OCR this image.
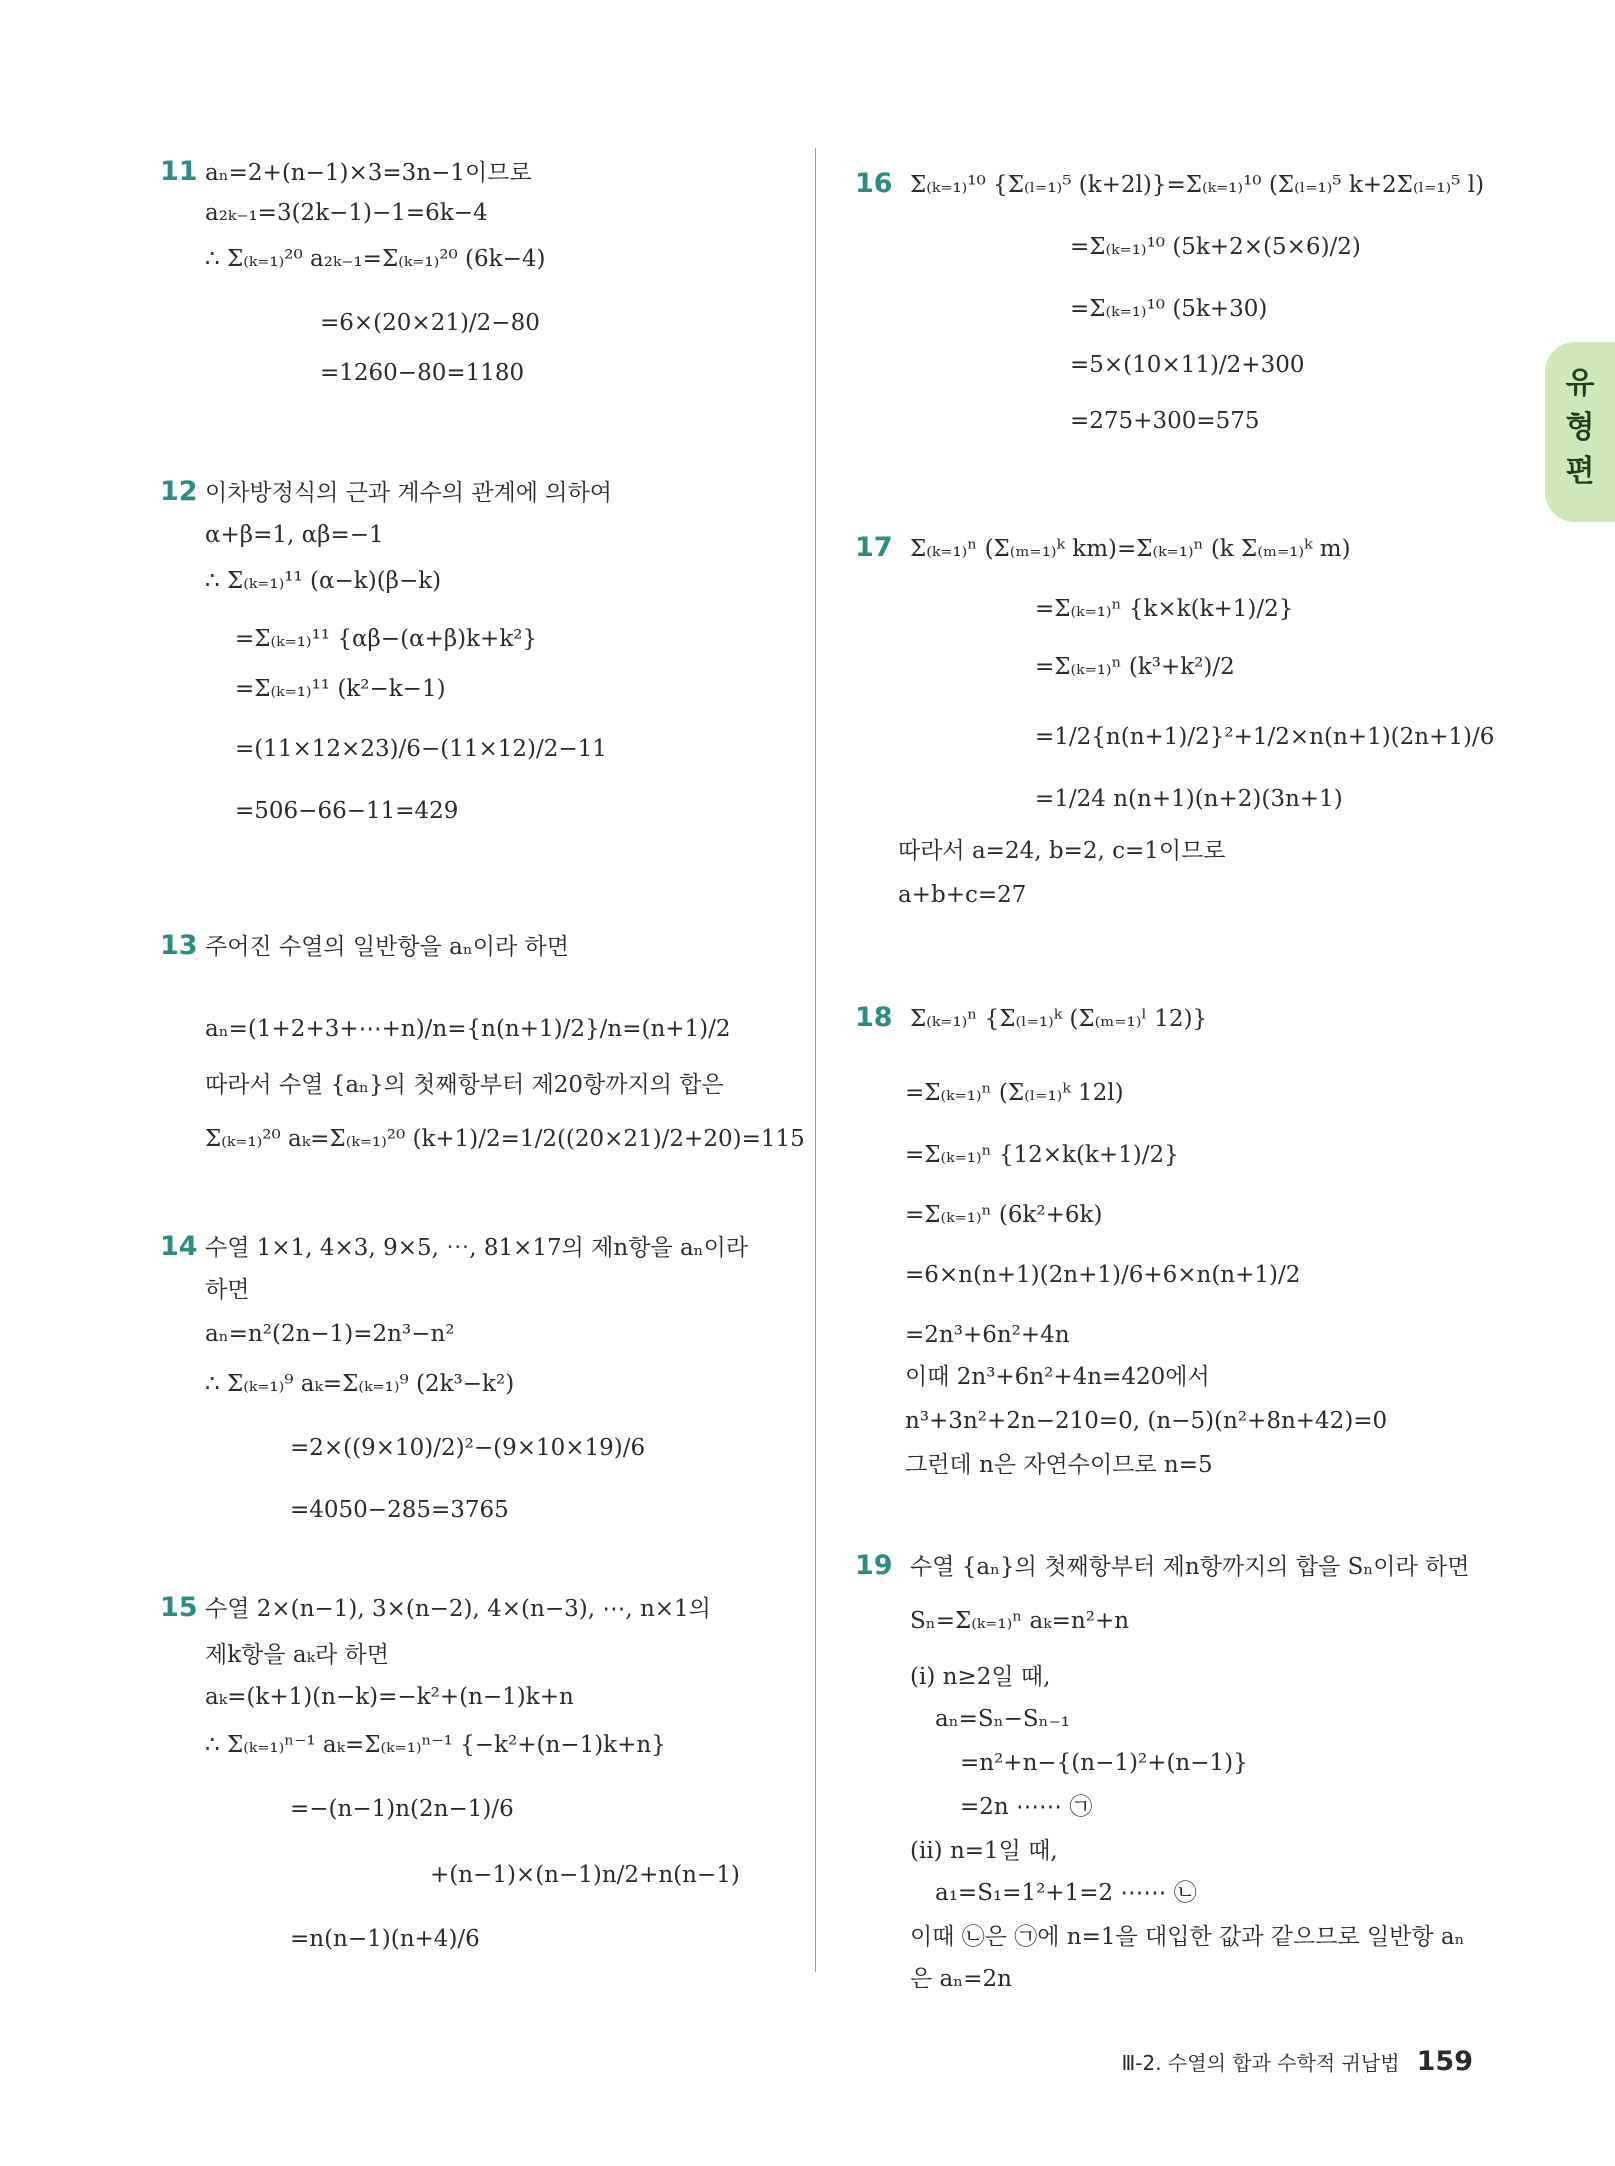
유형편
11 aₙ=2+(n−1)×3=3n−1이므로
a₂ₖ₋₁=3(2k−1)−1=6k−4
∴ Σ₍ₖ₌₁₎²⁰ a₂ₖ₋₁=Σ₍ₖ₌₁₎²⁰ (6k−4)
=6×(20×21)/2−80
=1260−80=1180
12 이차방정식의 근과 계수의 관계에 의하여
α+β=1, αβ=−1
∴ Σ₍ₖ₌₁₎¹¹ (α−k)(β−k)
=Σ₍ₖ₌₁₎¹¹ {αβ−(α+β)k+k²}
=Σ₍ₖ₌₁₎¹¹ (k²−k−1)
=(11×12×23)/6−(11×12)/2−11
=506−66−11=429
13 주어진 수열의 일반항을 aₙ이라 하면
aₙ=(1+2+3+⋯+n)/n={n(n+1)/2}/n=(n+1)/2
따라서 수열 {aₙ}의 첫째항부터 제20항까지의 합은
Σ₍ₖ₌₁₎²⁰ aₖ=Σ₍ₖ₌₁₎²⁰ (k+1)/2=1/2((20×21)/2+20)=115
14 수열 1×1, 4×3, 9×5, ⋯, 81×17의 제n항을 aₙ이라
하면
aₙ=n²(2n−1)=2n³−n²
∴ Σ₍ₖ₌₁₎⁹ aₖ=Σ₍ₖ₌₁₎⁹ (2k³−k²)
=2×((9×10)/2)²−(9×10×19)/6
=4050−285=3765
15 수열 2×(n−1), 3×(n−2), 4×(n−3), ⋯, n×1의
제k항을 aₖ라 하면
aₖ=(k+1)(n−k)=−k²+(n−1)k+n
∴ Σ₍ₖ₌₁₎ⁿ⁻¹ aₖ=Σ₍ₖ₌₁₎ⁿ⁻¹ {−k²+(n−1)k+n}
=−(n−1)n(2n−1)/6
+(n−1)×(n−1)n/2+n(n−1)
=n(n−1)(n+4)/6
16 Σ₍ₖ₌₁₎¹⁰ {Σ₍ₗ₌₁₎⁵ (k+2l)}=Σ₍ₖ₌₁₎¹⁰ (Σ₍ₗ₌₁₎⁵ k+2Σ₍ₗ₌₁₎⁵ l)
=Σ₍ₖ₌₁₎¹⁰ (5k+2×(5×6)/2)
=Σ₍ₖ₌₁₎¹⁰ (5k+30)
=5×(10×11)/2+300
=275+300=575
17 Σ₍ₖ₌₁₎ⁿ (Σ₍ₘ₌₁₎ᵏ km)=Σ₍ₖ₌₁₎ⁿ (k Σ₍ₘ₌₁₎ᵏ m)
=Σ₍ₖ₌₁₎ⁿ {k×k(k+1)/2}
=Σ₍ₖ₌₁₎ⁿ (k³+k²)/2
=1/2{n(n+1)/2}²+1/2×n(n+1)(2n+1)/6
=1/24 n(n+1)(n+2)(3n+1)
따라서 a=24, b=2, c=1이므로
a+b+c=27
18 Σ₍ₖ₌₁₎ⁿ {Σ₍ₗ₌₁₎ᵏ (Σ₍ₘ₌₁₎ˡ 12)}
=Σ₍ₖ₌₁₎ⁿ (Σ₍ₗ₌₁₎ᵏ 12l)
=Σ₍ₖ₌₁₎ⁿ {12×k(k+1)/2}
=Σ₍ₖ₌₁₎ⁿ (6k²+6k)
=6×n(n+1)(2n+1)/6+6×n(n+1)/2
=2n³+6n²+4n
이때 2n³+6n²+4n=420에서
n³+3n²+2n−210=0, (n−5)(n²+8n+42)=0
그런데 n은 자연수이므로 n=5
19 수열 {aₙ}의 첫째항부터 제n항까지의 합을 Sₙ이라 하면
Sₙ=Σ₍ₖ₌₁₎ⁿ aₖ=n²+n
(ⅰ) n≥2일 때,
aₙ=Sₙ−Sₙ₋₁
=n²+n−{(n−1)²+(n−1)}
=2n ⋯⋯ ㉠
(ⅱ) n=1일 때,
a₁=S₁=1²+1=2 ⋯⋯ ㉡
이때 ㉡은 ㉠에 n=1을 대입한 값과 같으므로 일반항 aₙ
은 aₙ=2n
Ⅲ-2. 수열의 합과 수학적 귀납법 159
